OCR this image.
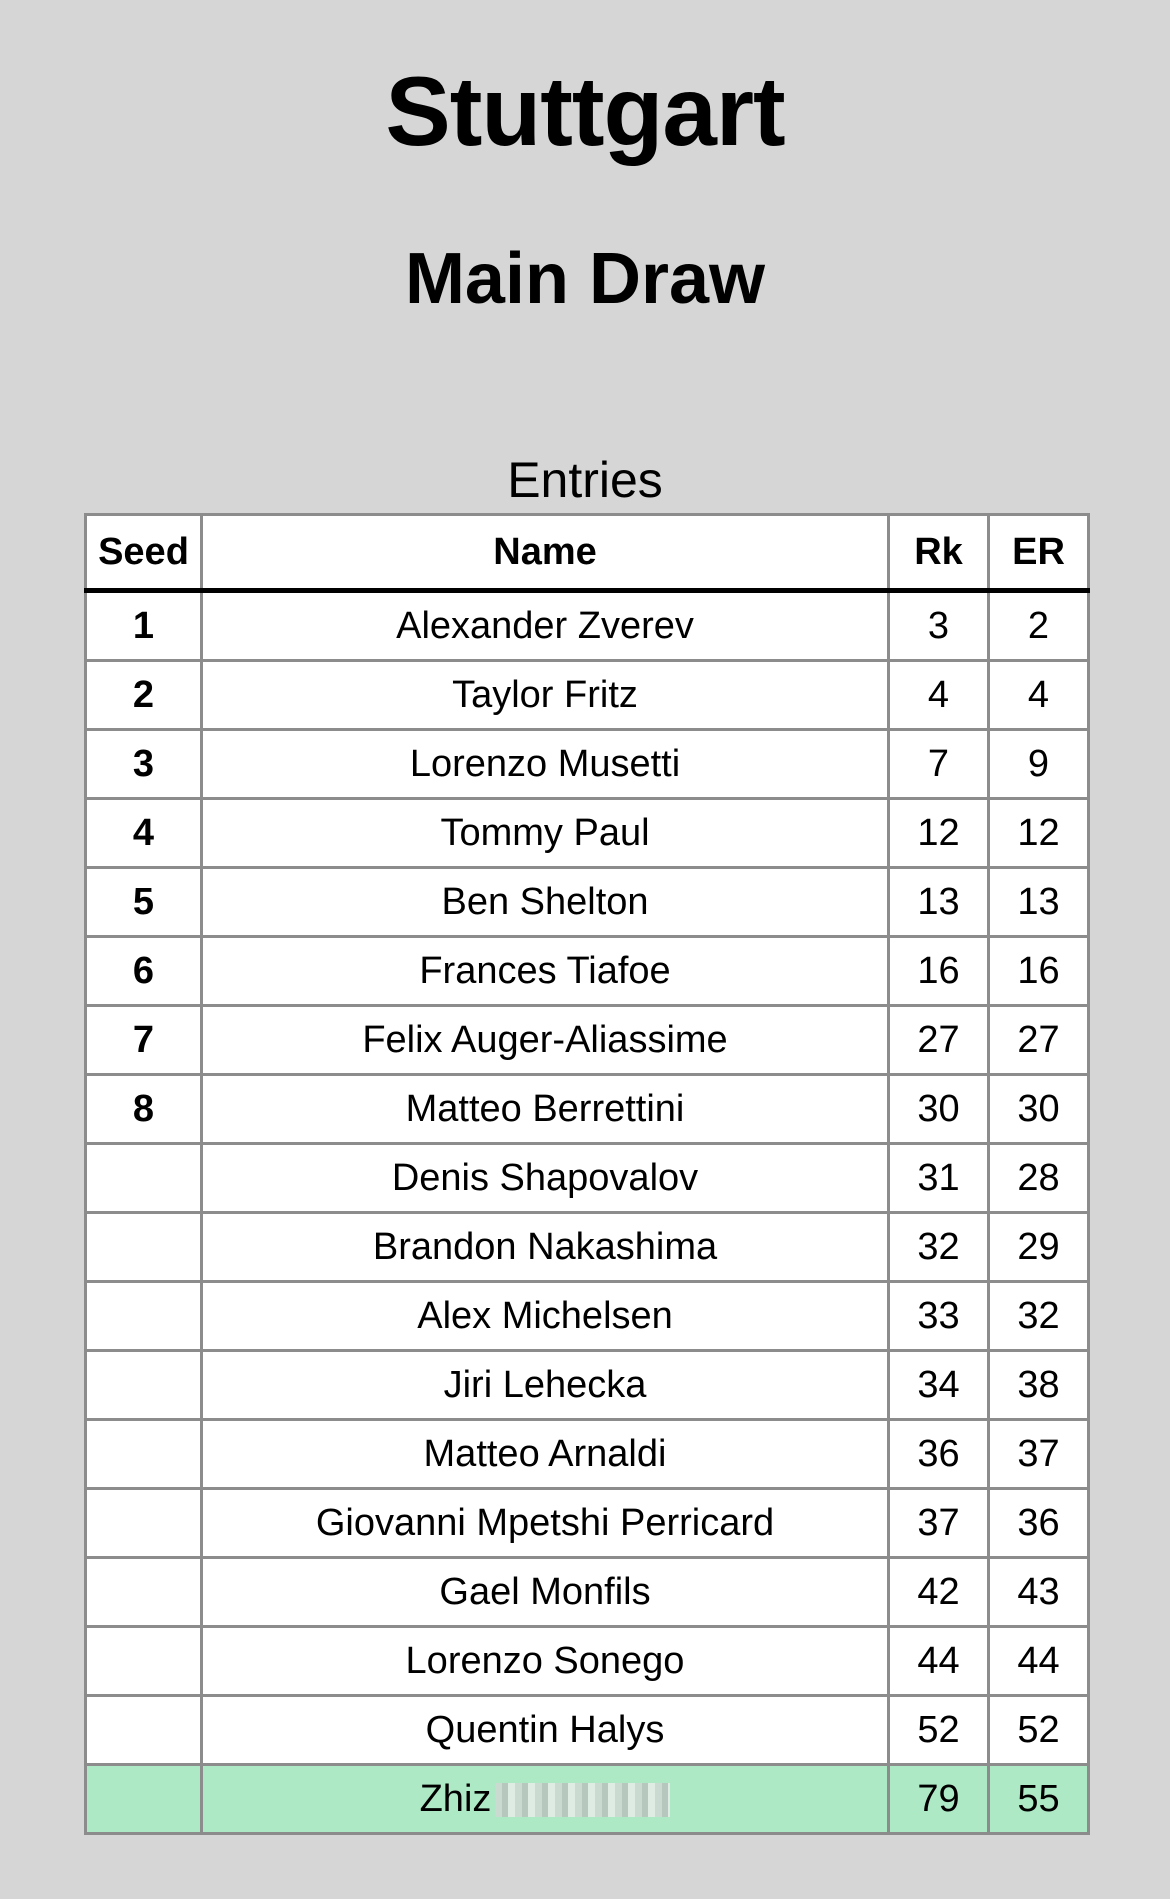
Stuttgart
Main Draw
Entries
Seed	Name	Rk	ER
1	Alexander Zverev	3	2
2	Taylor Fritz	4	4
3	Lorenzo Musetti	7	9
4	Tommy Paul	12	12
5	Ben Shelton	13	13
6	Frances Tiafoe	16	16
7	Felix Auger-Aliassime	27	27
8	Matteo Berrettini	30	30
	Denis Shapovalov	31	28
	Brandon Nakashima	32	29
	Alex Michelsen	33	32
	Jiri Lehecka	34	38
	Matteo Arnaldi	36	37
	Giovanni Mpetshi Perricard	37	36
	Gael Monfils	42	43
	Lorenzo Sonego	44	44
	Quentin Halys	52	52
	Zhiz	79	55
